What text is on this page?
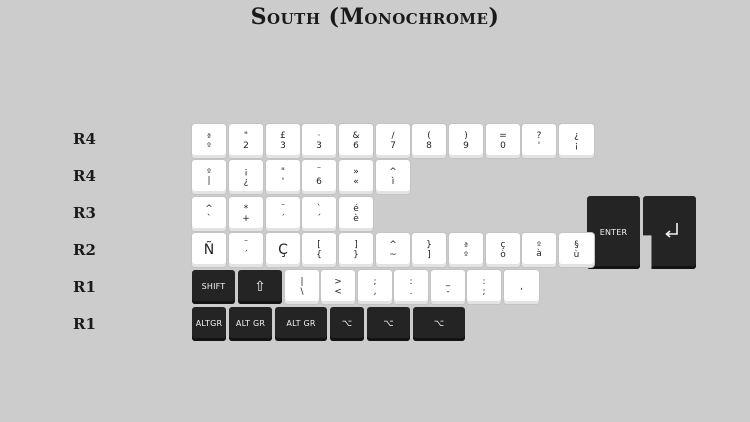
South (Monochrome)
R4
R4
R3
R2
R1
R1
ª
º
"
2
£
3
·
3
&
6
/
7
(
8
)
9
=
0
?
'
¿
¡
º
|
¡
¿
"
'
¨
6
»
«
^
ì
^
`
*
+
¨
´
`
´
é
è
ENTER
Ñ	¨
´ Ç	[
{
]
}
^
~
}
]
ª
º
ç
ò
º
à
§
ù
SHIFT ⇧	|
\
>
<
;
,
:
.
_
-
:
;
,
ALTGR ALT GR	ALT GR	⌥	⌥	⌥
